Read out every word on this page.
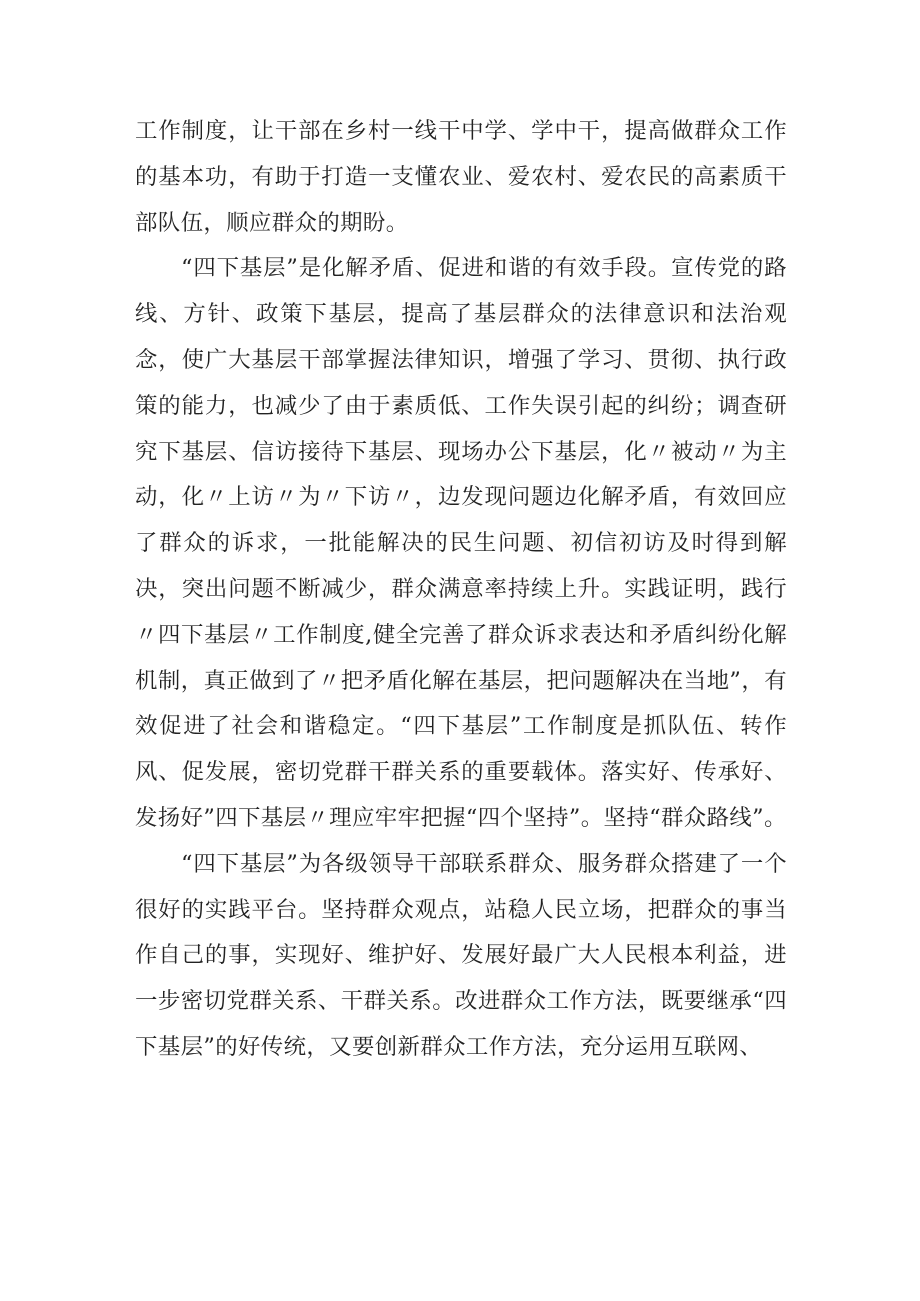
工作制度，让干部在乡村一线干中学、学中干，提高做群众工作的基本功，有助于打造一支懂农业、爱农村、爱农民的高素质干部队伍，顺应群众的期盼。

“四下基层”是化解矛盾、促进和谐的有效手段。宣传党的路线、方针、政策下基层，提高了基层群众的法律意识和法治观念，使广大基层干部掌握法律知识，增强了学习、贯彻、执行政策的能力，也减少了由于素质低、工作失误引起的纠纷；调查研究下基层、信访接待下基层、现场办公下基层，化〃被动〃为主动，化〃上访〃为〃下访〃，边发现问题边化解矛盾，有效回应了群众的诉求，一批能解决的民生问题、初信初访及时得到解决，突出问题不断减少，群众满意率持续上升。实践证明，践行〃四下基层〃工作制度,健全完善了群众诉求表达和矛盾纠纷化解机制，真正做到了〃把矛盾化解在基层，把问题解决在当地”，有效促进了社会和谐稳定。“四下基层”工作制度是抓队伍、转作风、促发展，密切党群干群关系的重要载体。落实好、传承好、发扬好”四下基层〃理应牢牢把握“四个坚持”。坚持“群众路线”。

“四下基层”为各级领导干部联系群众、服务群众搭建了一个很好的实践平台。坚持群众观点，站稳人民立场，把群众的事当作自己的事，实现好、维护好、发展好最广大人民根本利益，进一步密切党群关系、干群关系。改进群众工作方法，既要继承“四下基层”的好传统，又要创新群众工作方法，充分运用互联网、
